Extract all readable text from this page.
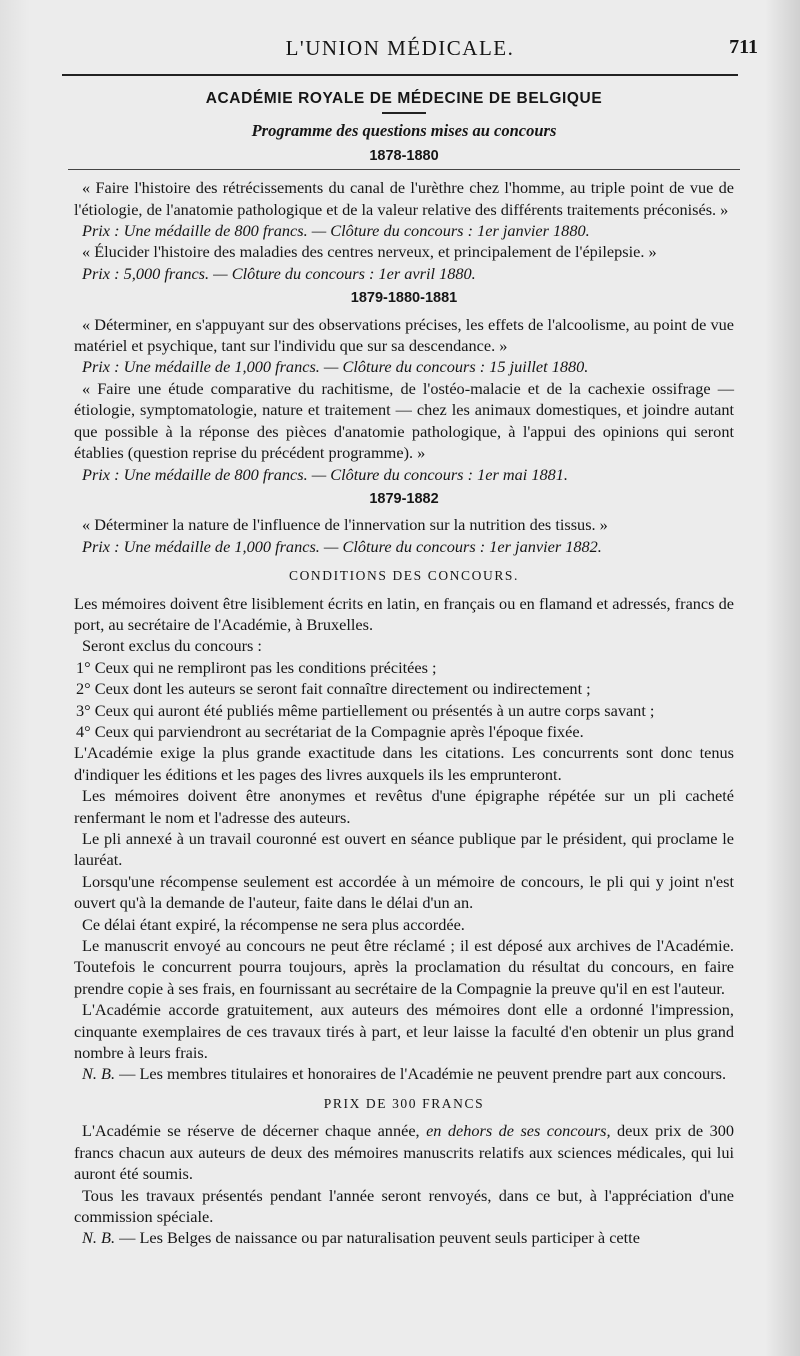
L'UNION MÉDICALE.	711
ACADÉMIE ROYALE DE MÉDECINE DE BELGIQUE
Programme des questions mises au concours
1878-1880

« Faire l'histoire des rétrécissements du canal de l'urèthre chez l'homme, au triple point de vue de l'étiologie, de l'anatomie pathologique et de la valeur relative des différents traitements préconisés. »

Prix : Une médaille de 800 francs. — Clôture du concours : 1er janvier 1880.

« Élucider l'histoire des maladies des centres nerveux, et principalement de l'épilepsie. »

Prix : 5,000 francs. — Clôture du concours : 1er avril 1880.

1879-1880-1881

« Déterminer, en s'appuyant sur des observations précises, les effets de l'alcoolisme, au point de vue matériel et psychique, tant sur l'individu que sur sa descendance. »

Prix : Une médaille de 1,000 francs. — Clôture du concours : 15 juillet 1880.

« Faire une étude comparative du rachitisme, de l'ostéo-malacie et de la cachexie ossifrage — étiologie, symptomatologie, nature et traitement — chez les animaux domestiques, et joindre autant que possible à la réponse des pièces d'anatomie pathologique, à l'appui des opinions qui seront établies (question reprise du précédent programme). »

Prix : Une médaille de 800 francs. — Clôture du concours : 1er mai 1881.

1879-1882

« Déterminer la nature de l'influence de l'innervation sur la nutrition des tissus. »

Prix : Une médaille de 1,000 francs. — Clôture du concours : 1er janvier 1882.

CONDITIONS DES CONCOURS.

Les mémoires doivent être lisiblement écrits en latin, en français ou en flamand et adressés, francs de port, au secrétaire de l'Académie, à Bruxelles.

Seront exclus du concours :

1° Ceux qui ne rempliront pas les conditions précitées ;

2° Ceux dont les auteurs se seront fait connaître directement ou indirectement ;

3° Ceux qui auront été publiés même partiellement ou présentés à un autre corps savant ;

4° Ceux qui parviendront au secrétariat de la Compagnie après l'époque fixée.

L'Académie exige la plus grande exactitude dans les citations. Les concurrents sont donc tenus d'indiquer les éditions et les pages des livres auxquels ils les emprunteront.

Les mémoires doivent être anonymes et revêtus d'une épigraphe répétée sur un pli cacheté renfermant le nom et l'adresse des auteurs.

Le pli annexé à un travail couronné est ouvert en séance publique par le président, qui proclame le lauréat.

Lorsqu'une récompense seulement est accordée à un mémoire de concours, le pli qui y joint n'est ouvert qu'à la demande de l'auteur, faite dans le délai d'un an.

Ce délai étant expiré, la récompense ne sera plus accordée.

Le manuscrit envoyé au concours ne peut être réclamé ; il est déposé aux archives de l'Académie. Toutefois le concurrent pourra toujours, après la proclamation du résultat du concours, en faire prendre copie à ses frais, en fournissant au secrétaire de la Compagnie la preuve qu'il en est l'auteur.

L'Académie accorde gratuitement, aux auteurs des mémoires dont elle a ordonné l'impression, cinquante exemplaires de ces travaux tirés à part, et leur laisse la faculté d'en obtenir un plus grand nombre à leurs frais.

N. B. — Les membres titulaires et honoraires de l'Académie ne peuvent prendre part aux concours.

PRIX DE 300 FRANCS

L'Académie se réserve de décerner chaque année, en dehors de ses concours, deux prix de 300 francs chacun aux auteurs de deux des mémoires manuscrits relatifs aux sciences médicales, qui lui auront été soumis.

Tous les travaux présentés pendant l'année seront renvoyés, dans ce but, à l'appréciation d'une commission spéciale.

N. B. — Les Belges de naissance ou par naturalisation peuvent seuls participer à cette
